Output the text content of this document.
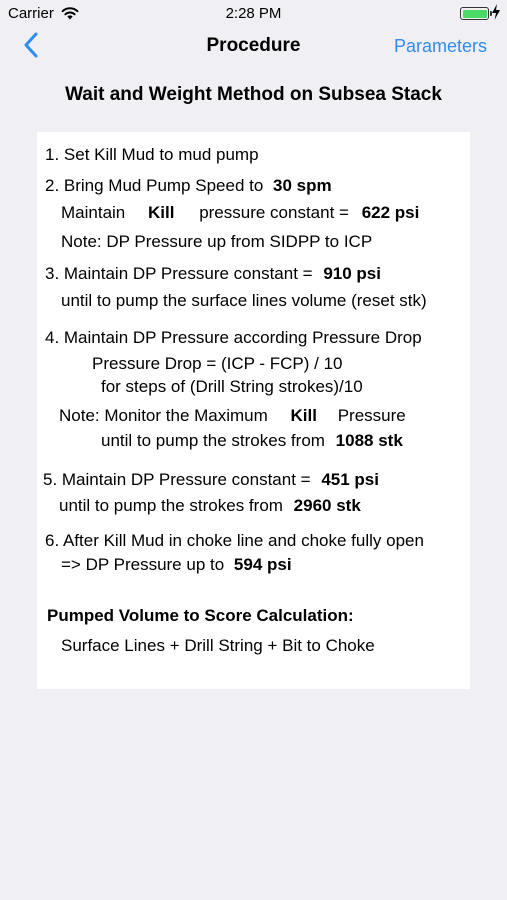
Carrier	2:28 PM
Procedure	Parameters
Wait and Weight Method on Subsea Stack
1. Set Kill Mud to mud pump
2. Bring Mud Pump Speed to 30 spm
Maintain Kill pressure constant = 622 psi
Note: DP Pressure up from SIDPP to ICP
3. Maintain DP Pressure constant = 910 psi
until to pump the surface lines volume (reset stk)
4. Maintain DP Pressure according Pressure Drop
Pressure Drop = (ICP - FCP) / 10
for steps of (Drill String strokes)/10
Note: Monitor the Maximum Kill Pressure
until to pump the strokes from 1088 stk
5. Maintain DP Pressure constant = 451 psi
until to pump the strokes from 2960 stk
6. After Kill Mud in choke line and choke fully open
=> DP Pressure up to 594 psi
Pumped Volume to Score Calculation:
Surface Lines + Drill String + Bit to Choke
